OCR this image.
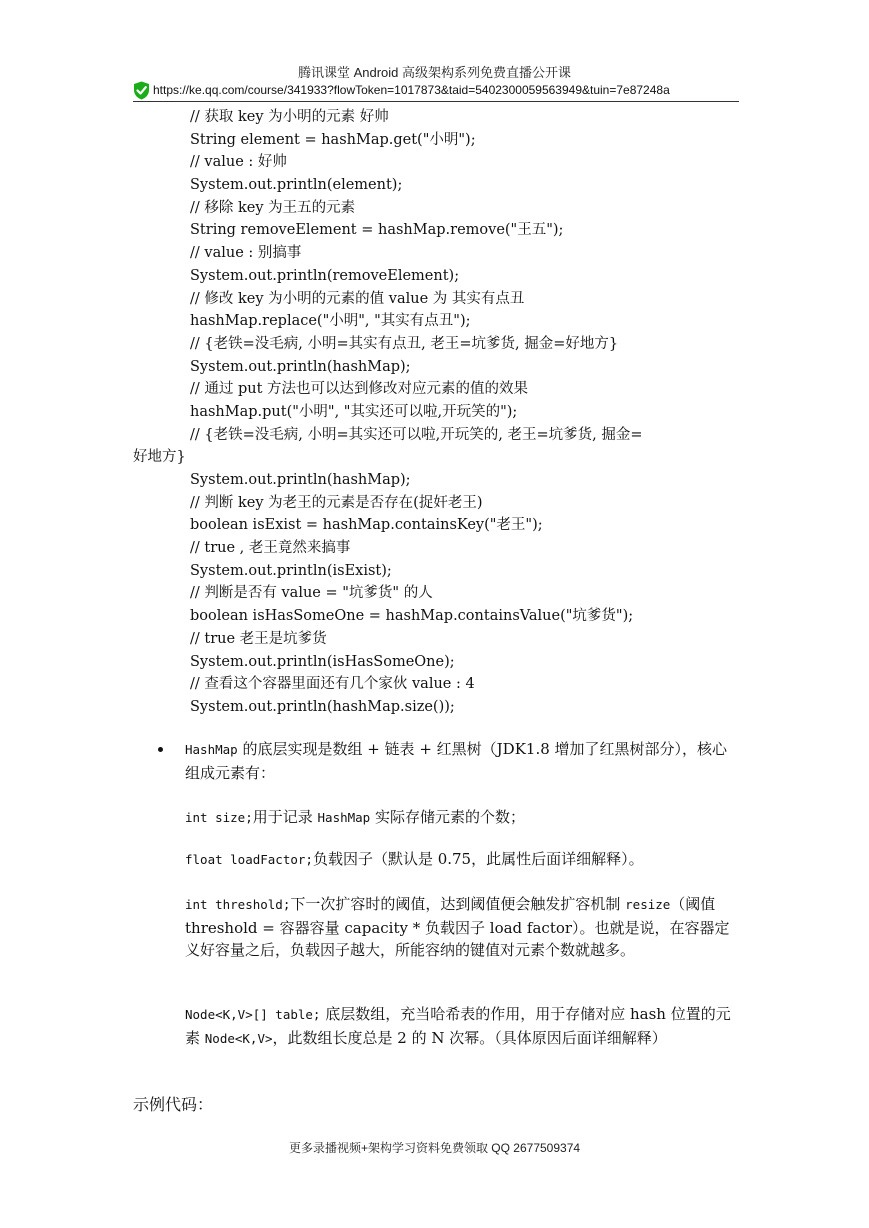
腾讯课堂 Android 高级架构系列免费直播公开课
https://ke.qq.com/course/341933?flowToken=1017873&taid=5402300059563949&tuin=7e87248a
// 获取 key 为小明的元素 好帅
String element = hashMap.get("小明");
// value : 好帅
System.out.println(element);
// 移除 key 为王五的元素
String removeElement = hashMap.remove("王五");
// value : 别搞事
System.out.println(removeElement);
// 修改 key 为小明的元素的值 value 为 其实有点丑
hashMap.replace("小明", "其实有点丑");
// {老铁=没毛病, 小明=其实有点丑, 老王=坑爹货, 掘金=好地方}
System.out.println(hashMap);
// 通过 put 方法也可以达到修改对应元素的值的效果
hashMap.put("小明", "其实还可以啦,开玩笑的");
// {老铁=没毛病, 小明=其实还可以啦,开玩笑的, 老王=坑爹货, 掘金=
好地方}
System.out.println(hashMap);
// 判断 key 为老王的元素是否存在(捉奸老王)
boolean isExist = hashMap.containsKey("老王");
// true , 老王竟然来搞事
System.out.println(isExist);
// 判断是否有 value = "坑爹货" 的人
boolean isHasSomeOne = hashMap.containsValue("坑爹货");
// true 老王是坑爹货
System.out.println(isHasSomeOne);
// 查看这个容器里面还有几个家伙 value : 4
System.out.println(hashMap.size());
HashMap 的底层实现是数组 + 链表 + 红黑树（JDK1.8 增加了红黑树部分），核心组成元素有：
int size;用于记录 HashMap 实际存储元素的个数；
float loadFactor;负载因子（默认是 0.75，此属性后面详细解释）。
int threshold;下一次扩容时的阈值，达到阈值便会触发扩容机制 resize（阈值 threshold = 容器容量 capacity * 负载因子 load factor）。也就是说，在容器定义好容量之后，负载因子越大，所能容纳的键值对元素个数就越多。
Node<K,V>[] table; 底层数组，充当哈希表的作用，用于存储对应 hash 位置的元素 Node<K,V>，此数组长度总是 2 的 N 次幂。（具体原因后面详细解释）
示例代码：
更多录播视频+架构学习资料免费领取 QQ 2677509374
